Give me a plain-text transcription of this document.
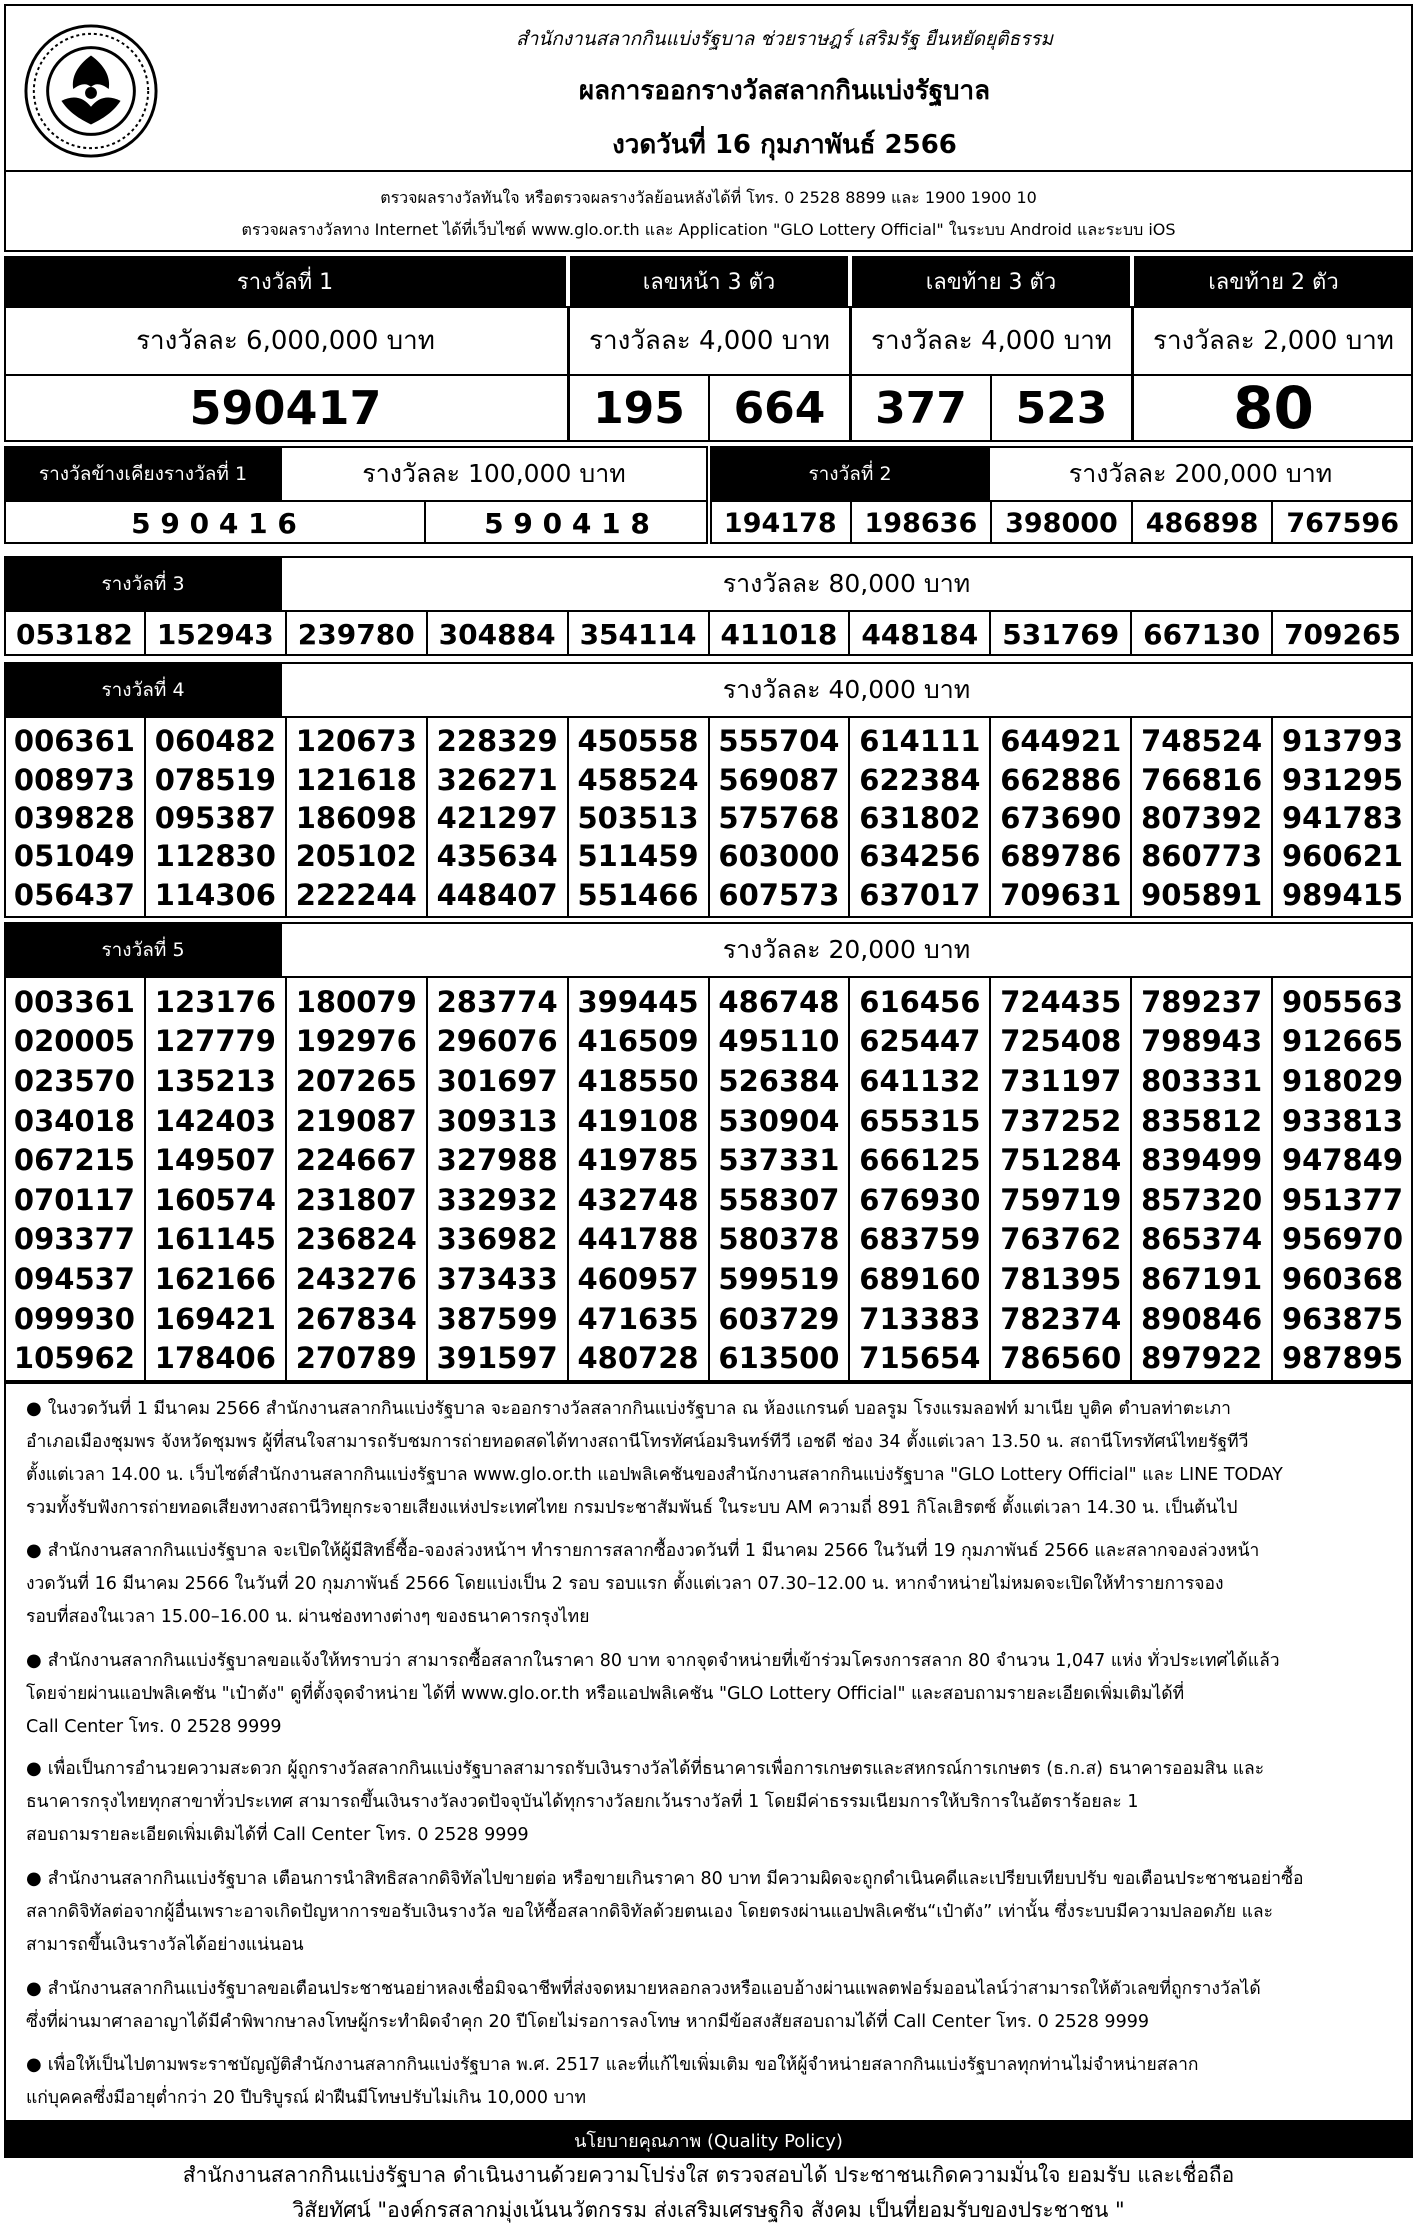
สำนักงานสลากกินแบ่งรัฐบาล ช่วยราษฎร์ เสริมรัฐ ยืนหยัดยุติธรรม
ผลการออกรางวัลสลากกินแบ่งรัฐบาล
งวดวันที่ 16 กุมภาพันธ์ 2566
ตรวจผลรางวัลทันใจ หรือตรวจผลรางวัลย้อนหลังได้ที่ โทร. 0 2528 8899 และ 1900 1900 10
ตรวจผลรางวัลทาง Internet ได้ที่เว็บไซต์ www.glo.or.th และ Application "GLO Lottery Official" ในระบบ Android และระบบ iOS
รางวัลที่ 1	เลขหน้า 3 ตัว	เลขท้าย 3 ตัว	เลขท้าย 2 ตัว
รางวัลละ 6,000,000 บาท	รางวัลละ 4,000 บาท	รางวัลละ 4,000 บาท	รางวัลละ 2,000 บาท
590417	195	664	377	523	80
รางวัลข้างเคียงรางวัลที่ 1	รางวัลละ 100,000 บาท	รางวัลที่ 2	รางวัลละ 200,000 บาท
5 9 0 4 1 6	5 9 0 4 1 8	194178	198636	398000	486898	767596
รางวัลที่ 3	รางวัลละ 80,000 บาท
053182 152943 239780 304884 354114 411018 448184 531769 667130 709265
รางวัลที่ 4	รางวัลละ 40,000 บาท
006361 060482 120673 228329 450558 555704 614111 644921 748524 913793
008973 078519 121618 326271 458524 569087 622384 662886 766816 931295
039828 095387 186098 421297 503513 575768 631802 673690 807392 941783
051049 112830 205102 435634 511459 603000 634256 689786 860773 960621
056437 114306 222244 448407 551466 607573 637017 709631 905891 989415
รางวัลที่ 5	รางวัลละ 20,000 บาท
003361 123176 180079 283774 399445 486748 616456 724435 789237 905563
020005 127779 192976 296076 416509 495110 625447 725408 798943 912665
023570 135213 207265 301697 418550 526384 641132 731197 803331 918029
034018 142403 219087 309313 419108 530904 655315 737252 835812 933813
067215 149507 224667 327988 419785 537331 666125 751284 839499 947849
070117 160574 231807 332932 432748 558307 676930 759719 857320 951377
093377 161145 236824 336982 441788 580378 683759 763762 865374 956970
094537 162166 243276 373433 460957 599519 689160 781395 867191 960368
099930 169421 267834 387599 471635 603729 713383 782374 890846 963875
105962 178406 270789 391597 480728 613500 715654 786560 897922 987895
● ในงวดวันที่ 1 มีนาคม 2566 สำนักงานสลากกินแบ่งรัฐบาล จะออกรางวัลสลากกินแบ่งรัฐบาล ณ ห้องแกรนด์ บอลรูม โรงแรมลอฟท์ มาเนีย บูติค ตำบลท่าตะเภา
อำเภอเมืองชุมพร จังหวัดชุมพร ผู้ที่สนใจสามารถรับชมการถ่ายทอดสดได้ทางสถานีโทรทัศน์อมรินทร์ทีวี เอชดี ช่อง 34 ตั้งแต่เวลา 13.50 น. สถานีโทรทัศน์ไทยรัฐทีวี
ตั้งแต่เวลา 14.00 น. เว็บไซต์สำนักงานสลากกินแบ่งรัฐบาล www.glo.or.th แอปพลิเคชันของสำนักงานสลากกินแบ่งรัฐบาล "GLO Lottery Official" และ LINE TODAY
รวมทั้งรับฟังการถ่ายทอดเสียงทางสถานีวิทยุกระจายเสียงแห่งประเทศไทย กรมประชาสัมพันธ์ ในระบบ AM ความถี่ 891 กิโลเฮิรตซ์ ตั้งแต่เวลา 14.30 น. เป็นต้นไป
● สำนักงานสลากกินแบ่งรัฐบาล จะเปิดให้ผู้มีสิทธิ์ซื้อ-จองล่วงหน้าฯ ทำรายการสลากซื้องวดวันที่ 1 มีนาคม 2566 ในวันที่ 19 กุมภาพันธ์ 2566 และสลากจองล่วงหน้า
งวดวันที่ 16 มีนาคม 2566 ในวันที่ 20 กุมภาพันธ์ 2566 โดยแบ่งเป็น 2 รอบ รอบแรก ตั้งแต่เวลา 07.30–12.00 น. หากจำหน่ายไม่หมดจะเปิดให้ทำรายการจอง
รอบที่สองในเวลา 15.00–16.00 น. ผ่านช่องทางต่างๆ ของธนาคารกรุงไทย
● สำนักงานสลากกินแบ่งรัฐบาลขอแจ้งให้ทราบว่า สามารถซื้อสลากในราคา 80 บาท จากจุดจำหน่ายที่เข้าร่วมโครงการสลาก 80 จำนวน 1,047 แห่ง ทั่วประเทศได้แล้ว
โดยจ่ายผ่านแอปพลิเคชัน "เป๋าตัง" ดูที่ตั้งจุดจำหน่าย ได้ที่ www.glo.or.th หรือแอปพลิเคชัน "GLO Lottery Official" และสอบถามรายละเอียดเพิ่มเติมได้ที่
Call Center โทร. 0 2528 9999
● เพื่อเป็นการอำนวยความสะดวก ผู้ถูกรางวัลสลากกินแบ่งรัฐบาลสามารถรับเงินรางวัลได้ที่ธนาคารเพื่อการเกษตรและสหกรณ์การเกษตร (ธ.ก.ส) ธนาคารออมสิน และ
ธนาคารกรุงไทยทุกสาขาทั่วประเทศ สามารถขึ้นเงินรางวัลงวดปัจจุบันได้ทุกรางวัลยกเว้นรางวัลที่ 1 โดยมีค่าธรรมเนียมการให้บริการในอัตราร้อยละ 1
สอบถามรายละเอียดเพิ่มเติมได้ที่ Call Center โทร. 0 2528 9999
● สำนักงานสลากกินแบ่งรัฐบาล เตือนการนำสิทธิสลากดิจิทัลไปขายต่อ หรือขายเกินราคา 80 บาท มีความผิดจะถูกดำเนินคดีและเปรียบเทียบปรับ ขอเตือนประชาชนอย่าซื้อ
สลากดิจิทัลต่อจากผู้อื่นเพราะอาจเกิดปัญหาการขอรับเงินรางวัล ขอให้ซื้อสลากดิจิทัลด้วยตนเอง โดยตรงผ่านแอปพลิเคชัน“เป๋าตัง” เท่านั้น ซึ่งระบบมีความปลอดภัย และ
สามารถขึ้นเงินรางวัลได้อย่างแน่นอน
● สำนักงานสลากกินแบ่งรัฐบาลขอเตือนประชาชนอย่าหลงเชื่อมิจฉาชีพที่ส่งจดหมายหลอกลวงหรือแอบอ้างผ่านแพลตฟอร์มออนไลน์ว่าสามารถให้ตัวเลขที่ถูกรางวัลได้
ซึ่งที่ผ่านมาศาลอาญาได้มีคำพิพากษาลงโทษผู้กระทำผิดจำคุก 20 ปีโดยไม่รอการลงโทษ หากมีข้อสงสัยสอบถามได้ที่ Call Center โทร. 0 2528 9999
● เพื่อให้เป็นไปตามพระราชบัญญัติสำนักงานสลากกินแบ่งรัฐบาล พ.ศ. 2517 และที่แก้ไขเพิ่มเติม ขอให้ผู้จำหน่ายสลากกินแบ่งรัฐบาลทุกท่านไม่จำหน่ายสลาก
แก่บุคคลซึ่งมีอายุต่ำกว่า 20 ปีบริบูรณ์ ฝ่าฝืนมีโทษปรับไม่เกิน 10,000 บาท
นโยบายคุณภาพ (Quality Policy)
สำนักงานสลากกินแบ่งรัฐบาล ดำเนินงานด้วยความโปร่งใส ตรวจสอบได้ ประชาชนเกิดความมั่นใจ ยอมรับ และเชื่อถือ
วิสัยทัศน์ "องค์กรสลากมุ่งเน้นนวัตกรรม ส่งเสริมเศรษฐกิจ สังคม เป็นที่ยอมรับของประชาชน "
